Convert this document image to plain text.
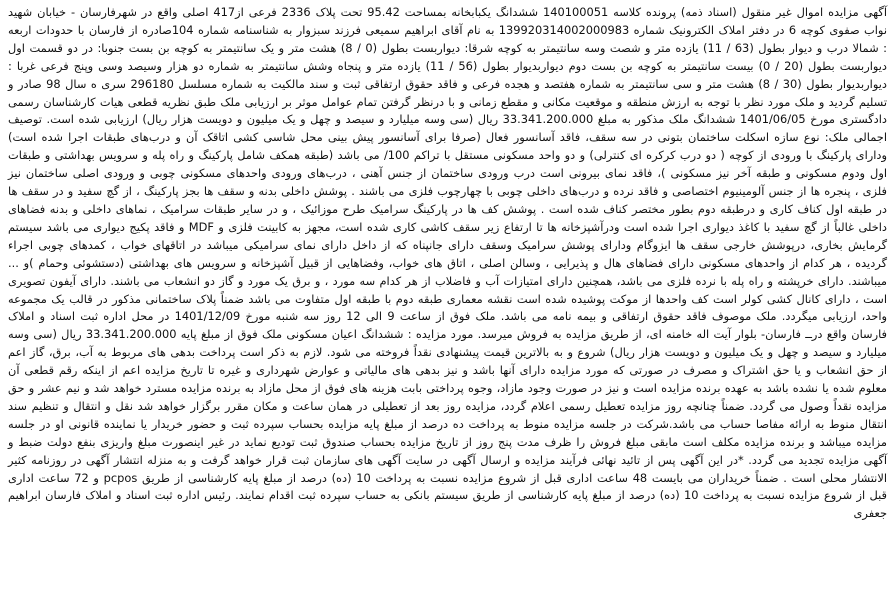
آگهی مزایده اموال غیر منقول (اسناد ذمه) پرونده کلاسه 140100051 ششدانگ یکبابخانه بمساحت 95.42 تحت پلاک 2336 فرعی از417 اصلی واقع در شهرفارسان - خیابان شهید نواب صفوی کوچه 6 در دفتر املاک الکترونیک شماره 139920314002000983 به نام آقای ابراهیم سمیعی فرزند سبزوار به شناسنامه شماره 104صادره از فارسان با حدودات اربعه : شمالا درب و دیوار بطول (63 / 11) یازده متر و شصت وسه سانتیمتر به کوچه شرقا: دیواربست بطول (0 / 8) هشت متر و یک سانتیمتر به کوچه بن بست جنوبا: در دو قسمت اول دیواربست بطول (20 / 0) بیست سانتیمتر به کوچه بن بست دوم دیواربدیوار بطول (56 / 11) یازده متر و پنجاه وشش سانتیمتر به شماره دو هزار وسیصد وسی وپنج فرعی غربا : دیواربدیوار بطول (30 / 8) هشت متر و سی سانتیمتر به شماره هفتصد و هجده فرعی و فاقد حقوق ارتفاقی ثبت و سند مالکیت به شماره مسلسل 296180 سری ه سال 98 صادر و تسلیم گردید و ملک مورد نظر با توجه به ارزش منطقه و موقعیت مکانی و مقطع زمانی و با درنظر گرفتن تمام عوامل موثر بر ارزیابی ملک طبق نظریه قطعی هیات کارشناسان رسمی دادگستری مورخ 1401/06/05 ششدانگ ملک مذکور به مبلغ 33.341.200.000 ریال (سی وسه میلیارد و سیصد و چهل و یک میلیون و دویست هزار ریال) ارزیابی شده است. توصیف اجمالی ملک: نوع سازه اسکلت ساختمان بتونی در سه سقف، فاقد آسانسور فعال (صرفا برای آسانسور پیش بینی محل شاسی کشی اتاقک آن و درب‌های طبقات اجرا شده است) ودارای پارکینگ با ورودی از کوچه ( دو درب کرکره ای کنترلی) و دو واحد مسکونی مستقل با تراکم 100/ می باشد (طبقه همکف شامل پارکینگ و راه پله و سرویس بهداشتی و طبقات اول ودوم مسکونی و طبقه آخر نیز مسکونی )، فاقد نمای بیرونی است درب ورودی ساختمان از جنس آهنی ، درب‌های ورودی واحدهای مسکونی چوبی و ورودی اصلی ساختمان نیز فلزی ، پنجره ها از جنس آلومینیوم اختصاصی و فاقد نرده و درب‌های داخلی چوبی با چهارچوب فلزی می باشند . پوشش داخلی بدنه و سقف ها بجز پارکینگ ، از گچ سفید و در سقف ها در طبقه اول کناف کاری و درطبقه دوم بطور مختصر کناف شده است . پوشش کف ها در پارکینگ سرامیک طرح موزائیک ، و در سایر طبقات سرامیک ، نماهای داخلی و بدنه فضاهای داخلی غالباً از گچ سفید با کاغذ دیواری اجرا شده است ودرآشپزخانه ها تا ارتفاع زیر سقف کاشی کاری شده است، مجهز به کابینت فلزی و MDF و فاقد پکیج دیواری می باشد سیستم گرمایش بخاری، درپوشش خارجی سقف ها ایزوگام ودارای پوشش سرامیک وسقف دارای جانپناه که از داخل دارای نمای سرامیکی میباشد در اتاقهای خواب ، کمدهای چوبی اجراء گردیده ، هر کدام از واحدهای مسکونی دارای فضاهای هال و پذیرایی ، وسالن اصلی ، اتاق های خواب، وفضاهایی از قبیل آشپزخانه و سرویس های بهداشتی (دستشوئی وحمام )و ... میباشند. دارای خرپشته و راه پله با نرده فلزی می باشد، همچنین دارای امتیازات آب و فاضلاب از هر کدام سه مورد ، و برق یک مورد و گاز دو انشعاب می باشند. دارای آیفون تصویری است ، دارای کانال کشی کولر است کف واحدها از موکت پوشیده شده است نقشه معماری طبقه دوم با طبقه اول متفاوت می باشد ضمناً پلاک ساختمانی مذکور در قالب یک مجموعه واحد، ارزیابی میگردد. ملک موصوف فاقد حقوق ارتفاقی و بیمه نامه می باشد. ملک فوق از ساعت 9 الی 12 روز سه شنبه مورخ 1401/12/09 در محل اداره ثبت اسناد و املاک فارسان واقع درــ فارسان- بلوار آیت اله خامنه ای، از طریق مزایده به فروش میرسد. مورد مزایده : ششدانگ اعیان مسکونی ملک فوق از مبلغ پایه 33.341.200.000 ریال (سی وسه میلیارد و سیصد و چهل و یک میلیون و دویست هزار ریال) شروع و به بالاترین قیمت پیشنهادی نقداً فروخته می شود. لازم به ذکر است پرداخت بدهی های مربوط به آب، برق، گاز اعم از حق انشعاب و یا حق اشتراک و مصرف در صورتی که مورد مزایده دارای آنها باشد و نیز بدهی های مالیاتی و عوارض شهرداری و غیره تا تاریخ مزایده اعم از اینکه رقم قطعی آن معلوم شده یا نشده باشد به عهده برنده مزایده است و نیز در صورت وجود مازاد، وجوه پرداختی بابت هزینه های فوق از محل مازاد به برنده مزایده مسترد خواهد شد و نیم عشر و حق مزایده نقداً وصول می گردد. ضمناً چنانچه روز مزایده تعطیل رسمی اعلام گردد، مزایده روز بعد از تعطیلی در همان ساعت و مکان مقرر برگزار خواهد شد نقل و انتقال و تنظیم سند انتقال منوط به ارائه مفاصا حساب می باشد.شرکت در جلسه مزایده منوط به پرداخت ده درصد از مبلغ پایه مزایده بحساب سپرده ثبت و حضور خریدار یا نماینده قانونی او در جلسه مزایده میباشد و برنده مزایده مکلف است مابقی مبلغ فروش را ظرف مدت پنج روز از تاریخ مزایده بحساب صندوق ثبت تودیع نماید در غیر اینصورت مبلغ واریزی بنفع دولت ضبط و آگهی مزایده تجدید می گردد. *در این آگهی پس از تائید نهائی فرآیند مزایده و ارسال آگهی در سایت آگهی های سازمان ثبت قرار خواهد گرفت و به منزله انتشار آگهی در روزنامه کثیر الانتشار محلی است . ضمناً خریداران می بایست 48 ساعت اداری قبل از شروع مزایده نسبت به پرداخت 10 (ده) درصد از مبلغ پایه کارشناسی از طریق pcpos و 72 ساعت اداری قبل از شروع مزایده نسبت به پرداخت 10 (ده) درصد از مبلغ پایه کارشناسی از طریق سیستم بانکی به حساب سپرده ثبت اقدام نمایند. رئیس اداره ثبت اسناد و املاک فارسان ابراهیم جعفری
